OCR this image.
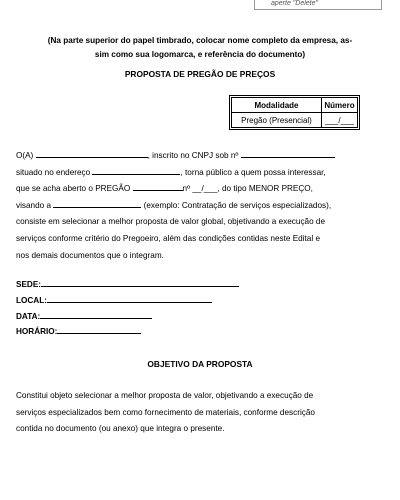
aperte "Delete"
(Na parte superior do papel timbrado, colocar nome completo da empresa, as-
sim como sua logomarca, e referência do documento)
PROPOSTA DE PREGÃO DE PREÇOS
Modalidade	Número
Pregão (Presencial)	___/___
O(A)	, inscrito no CNPJ sob nº
situado no endereço	, torna público a quem possa interessar,
que se acha aberto o PREGÃO	nº __/___, do tipo MENOR PREÇO,
visando a	(exemplo: Contratação de serviços especializados),
consiste em selecionar a melhor proposta de valor global, objetivando a execução de
serviços conforme critério do Pregoeiro, além das condições contidas neste Edital e
nos demais documentos que o integram.
SEDE:
LOCAL:
DATA:
HORÁRIO:
OBJETIVO DA PROPOSTA
Constitui objeto selecionar a melhor proposta de valor, objetivando a execução de
serviços especializados bem como fornecimento de materiais, conforme descrição
contida no documento (ou anexo) que integra o presente.
